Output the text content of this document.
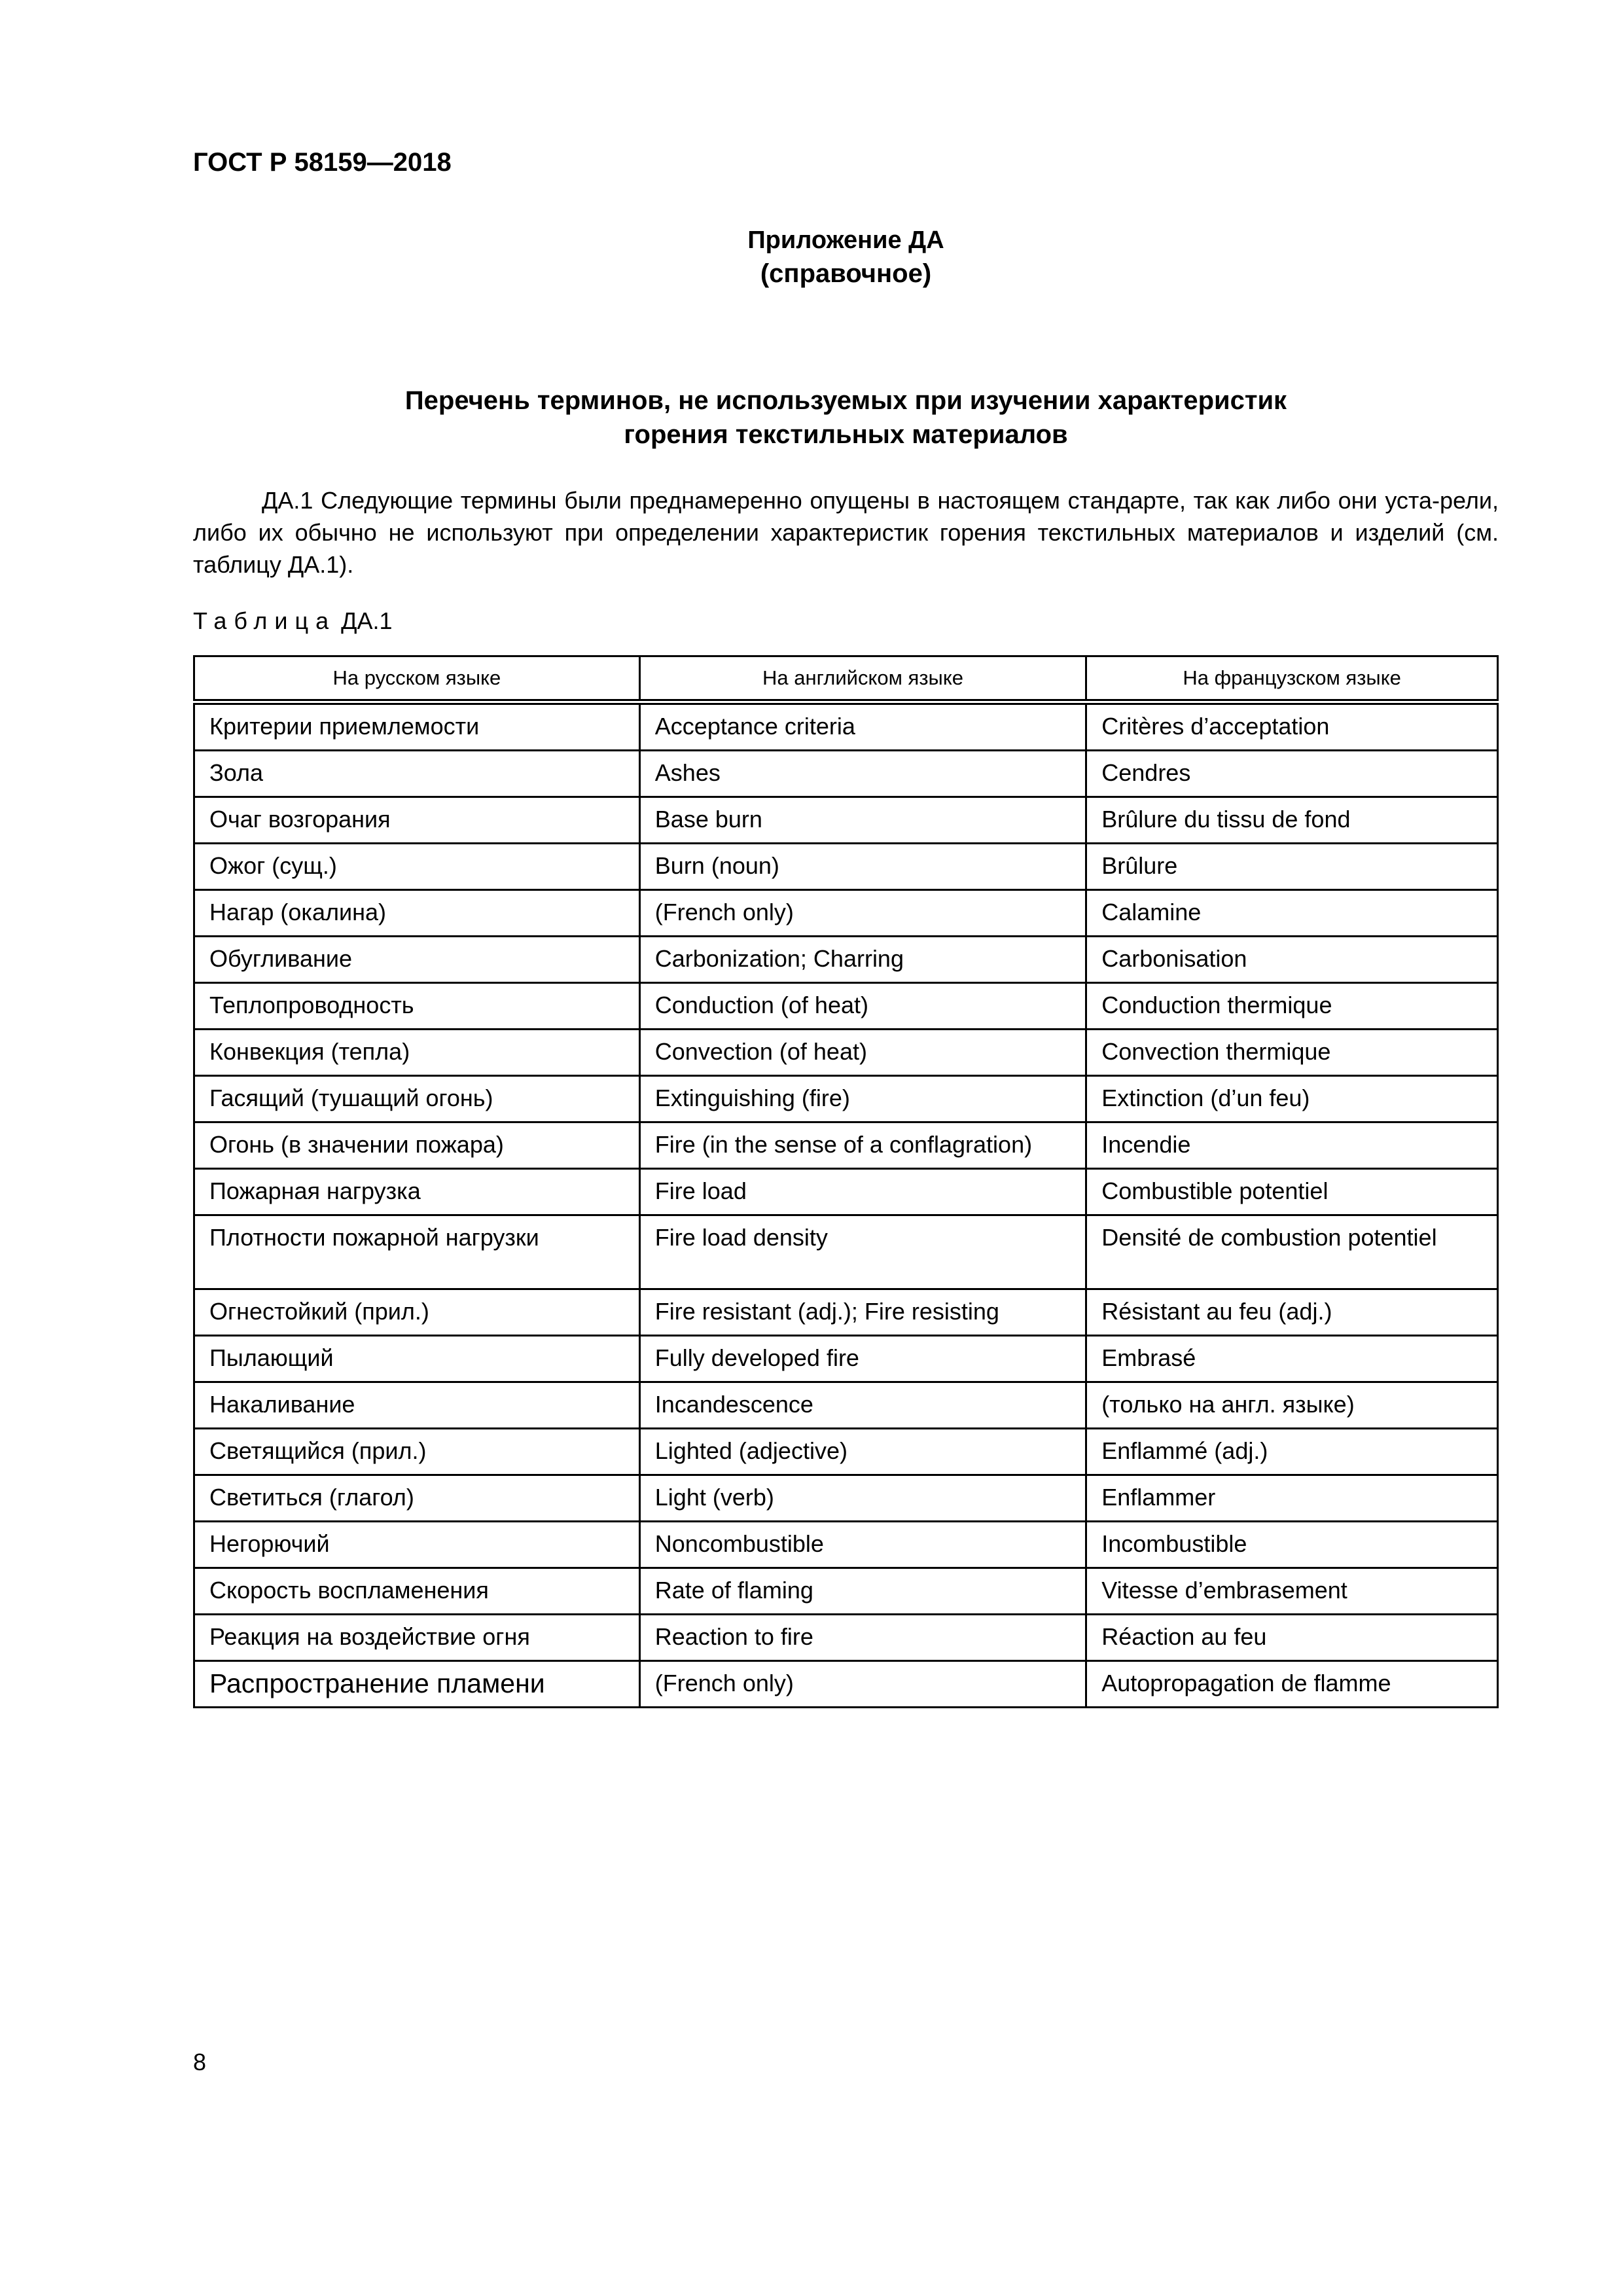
ГОСТ Р 58159—2018
Приложение ДА
(справочное)
Перечень терминов, не используемых при изучении характеристик
горения текстильных материалов
ДА.1 Следующие термины были преднамеренно опущены в настоящем стандарте, так как либо они уста-рели, либо их обычно не используют при определении характеристик горения текстильных материалов и изделий (см. таблицу ДА.1).
Таблица ДА.1
На русском языке	На английском языке	На французском языке
Критерии приемлемости	Acceptance criteria	Critères d’acceptation
Зола	Ashes	Cendres
Очаг возгорания	Base burn	Brûlure du tissu de fond
Ожог (сущ.)	Burn (noun)	Brûlure
Нагар (окалина)	(French only)	Calamine
Обугливание	Carbonization; Charring	Carbonisation
Теплопроводность	Conduction (of heat)	Conduction thermique
Конвекция (тепла)	Convection (of heat)	Convection thermique
Гасящий (тушащий огонь)	Extinguishing (fire)	Extinction (d’un feu)
Огонь (в значении пожара)	Fire (in the sense of a conflagration)	Incendie
Пожарная нагрузка	Fire load	Combustible potentiel
Плотности пожарной нагрузки	Fire load density	Densité de combustion potentiel
Огнестойкий (прил.)	Fire resistant (adj.); Fire resisting	Résistant au feu (adj.)
Пылающий	Fully developed fire	Embrasé
Накаливание	Incandescence	(только на англ. языке)
Светящийся (прил.)	Lighted (adjective)	Enflammé (adj.)
Светиться (глагол)	Light (verb)	Enflammer
Негорючий	Noncombustible	Incombustible
Скорость воспламенения	Rate of flaming	Vitesse d’embrasement
Реакция на воздействие огня	Reaction to fire	Réaction au feu
Распространение пламени	(French only)	Autopropagation de flamme
8
